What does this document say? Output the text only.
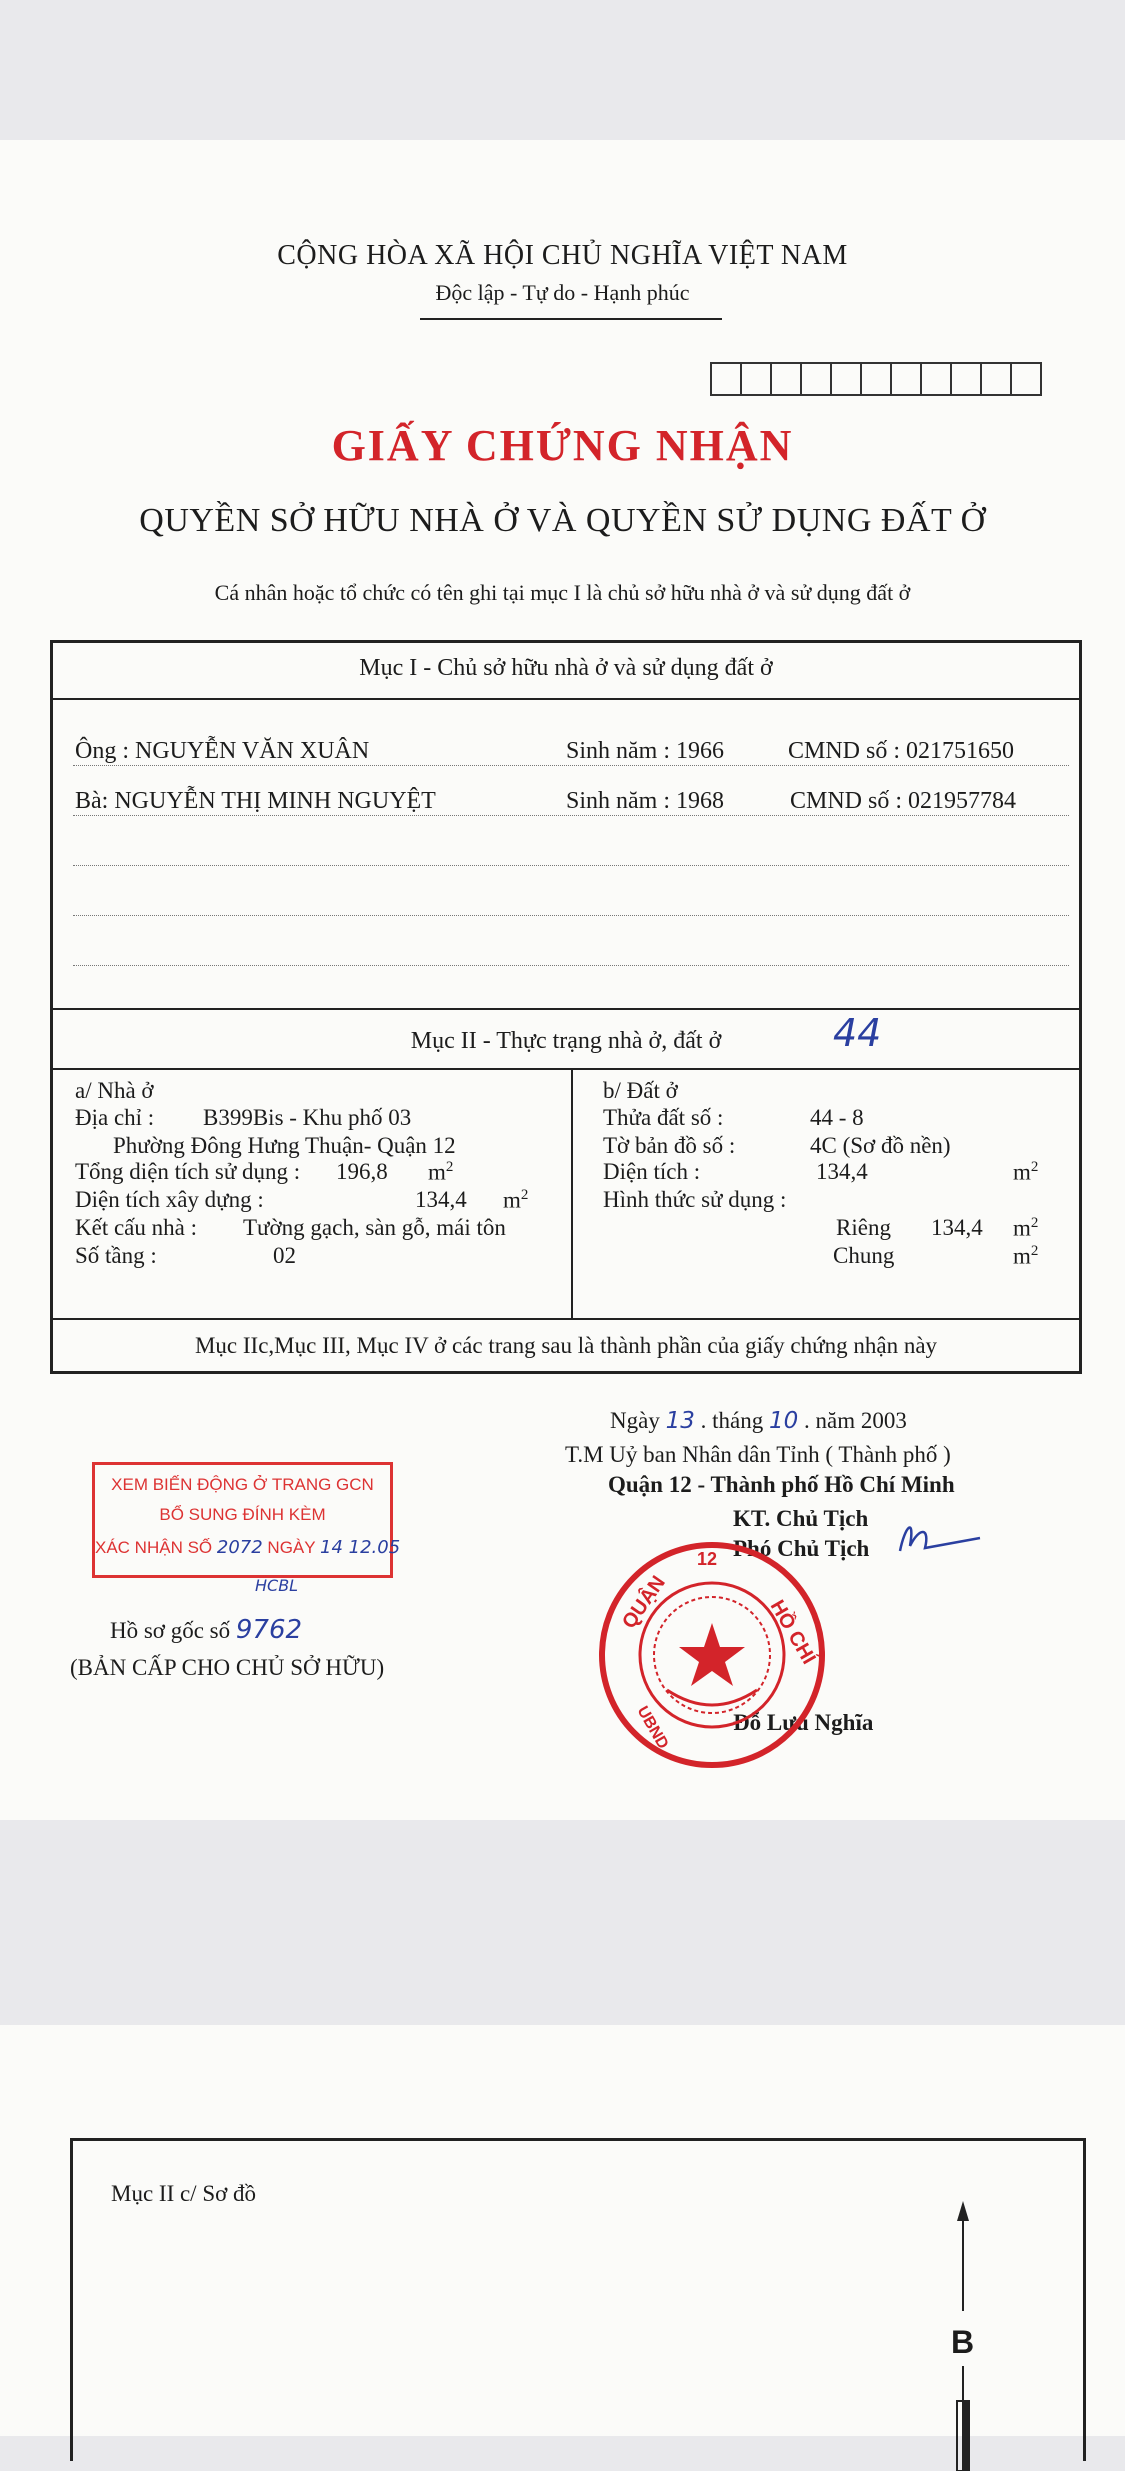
CỘNG HÒA XÃ HỘI CHỦ NGHĨA VIỆT NAM
Độc lập - Tự do - Hạnh phúc
GIẤY CHỨNG NHẬN
QUYỀN SỞ HỮU NHÀ Ở VÀ QUYỀN SỬ DỤNG ĐẤT Ở
Cá nhân hoặc tổ chức có tên ghi tại mục I là chủ sở hữu nhà ở và sử dụng đất ở
Mục I - Chủ sở hữu nhà ở và sử dụng đất ở
Ông : NGUYỄN VĂN XUÂN	Sinh năm : 1966	CMND số : 021751650
Bà: NGUYỄN THỊ MINH NGUYỆT	Sinh năm : 1968	CMND số : 021957784
Mục II - Thực trạng nhà ở, đất ở	44
a/ Nhà ở
Địa chỉ : B399Bis - Khu phố 03
Phường Đông Hưng Thuận- Quận 12
Tổng diện tích sử dụng : 196,8 $m^2$
Diện tích xây dựng :	134,4 $m^2$
Kết cấu nhà : Tường gạch, sàn gỗ, mái tôn
Số tầng :	02
b/ Đất ở
Thửa đất số :	44 - 8
Tờ bản đồ số :	4C (Sơ đồ nền)
Diện tích :	134,4	$m^2$
Hình thức sử dụng :
Riêng 134,4 $m^2$
Chung	$m^2$
Mục IIc,Mục III, Mục IV ở các trang sau là thành phần của giấy chứng nhận này
Ngày 13 . tháng 10 . năm 2003
T.M Uỷ ban Nhân dân Tỉnh ( Thành phố )
Quận 12 - Thành phố Hồ Chí Minh
KT. Chủ Tịch
Phó Chủ Tịch
Đỗ Lưu Nghĩa
XEM BIẾN ĐỘNG Ở TRANG GCN
BỔ SUNG ĐÍNH KÈM
XÁC NHẬN SỐ 2072 NGÀY 14 12.05
HCBL
Hồ sơ gốc số 9762
(BẢN CẤP CHO CHỦ SỞ HỮU)
QUẬN
12
HỒ CHÍ
UBND
Mục II c/ Sơ đồ
B
